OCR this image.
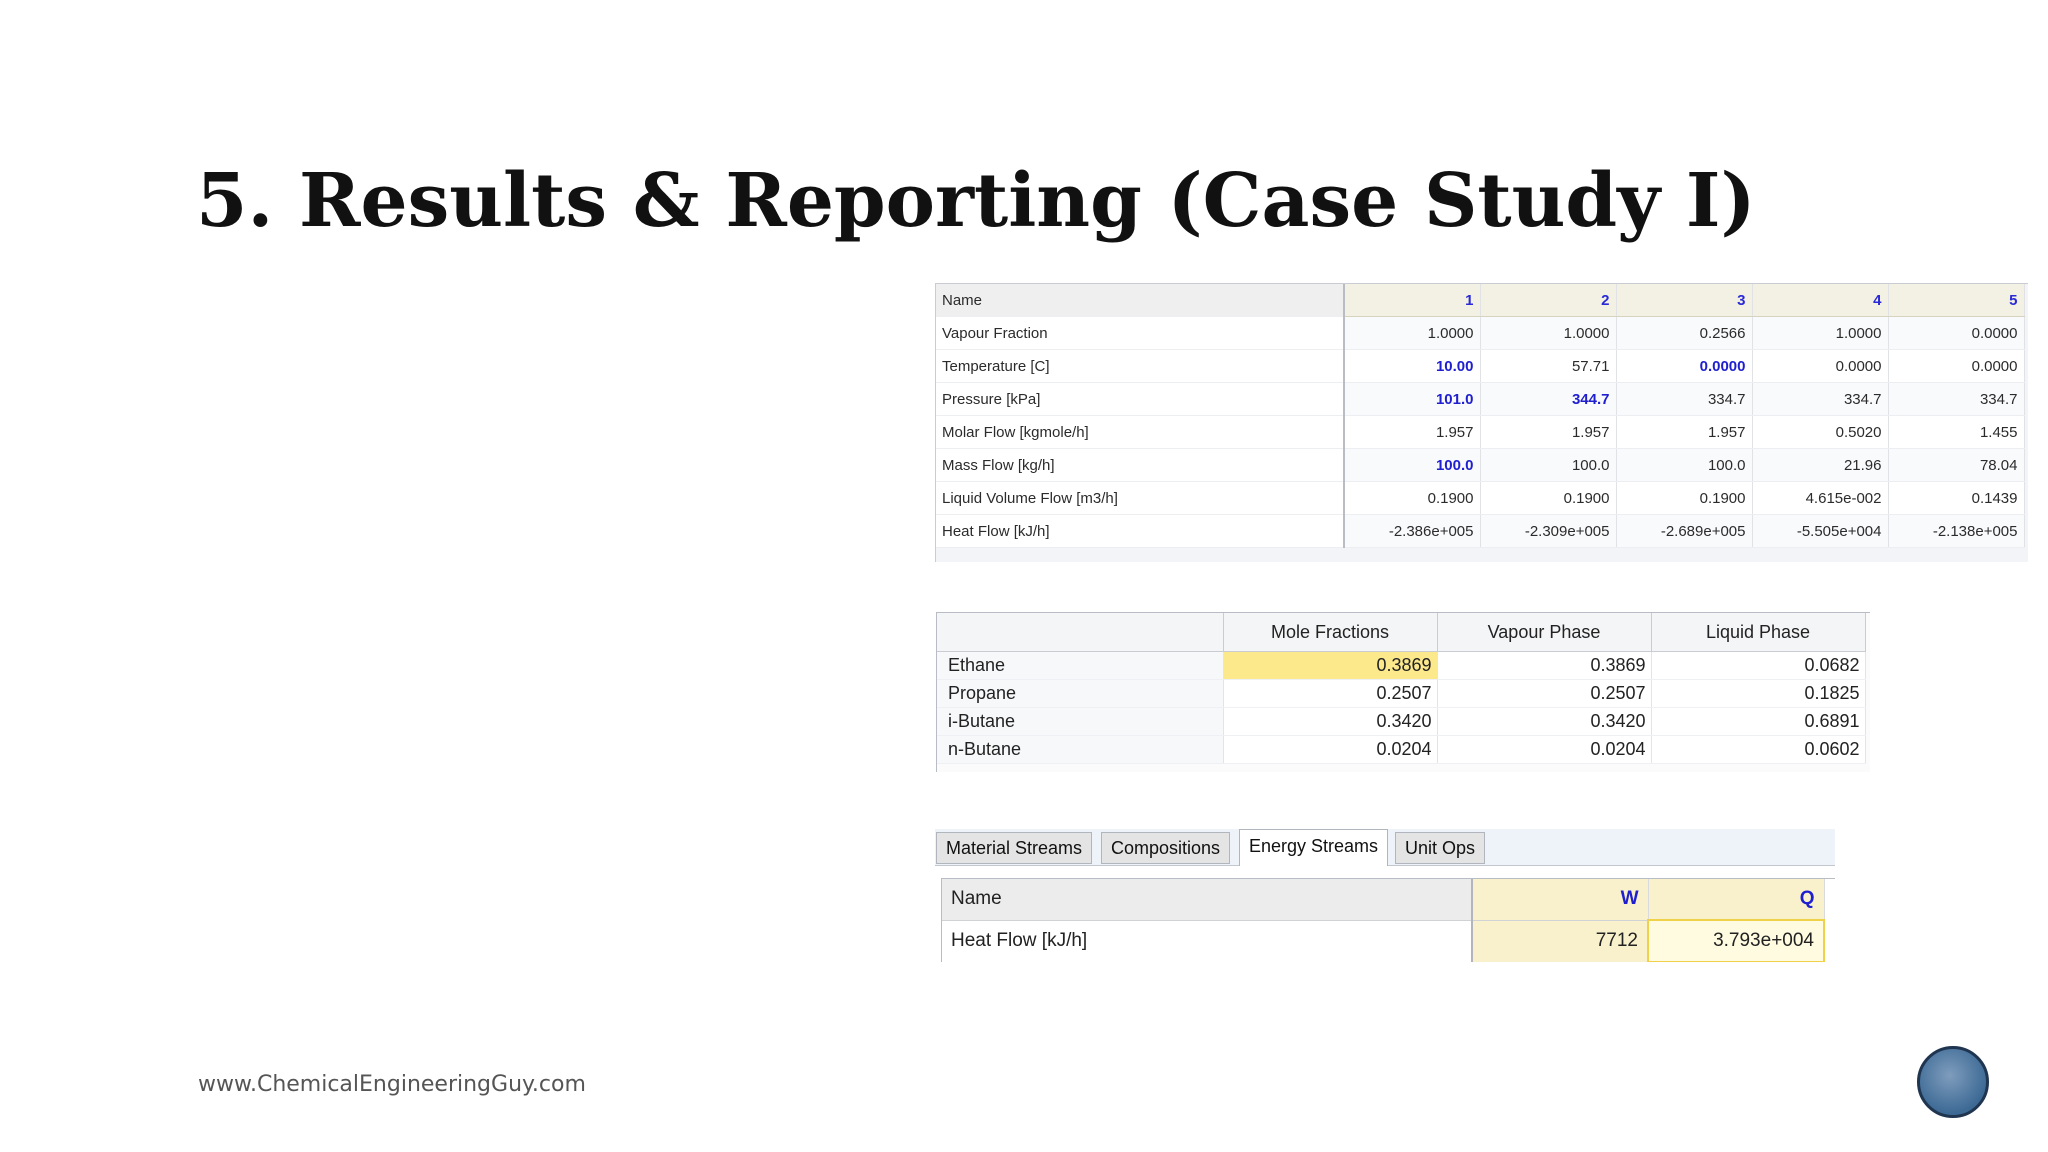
5. Results & Reporting (Case Study I)
Name	1	2	3	4	5
Vapour Fraction	1.0000	1.0000	0.2566	1.0000	0.0000
Temperature [C]	10.00	57.71	0.0000	0.0000	0.0000
Pressure [kPa]	101.0	344.7	334.7	334.7	334.7
Molar Flow [kgmole/h]	1.957	1.957	1.957	0.5020	1.455
Mass Flow [kg/h]	100.0	100.0	100.0	21.96	78.04
Liquid Volume Flow [m3/h]	0.1900	0.1900	0.1900	4.615e-002	0.1439
Heat Flow [kJ/h]	-2.386e+005	-2.309e+005	-2.689e+005	-5.505e+004	-2.138e+005
	Mole Fractions	Vapour Phase	Liquid Phase
Ethane	0.3869	0.3869	0.0682
Propane	0.2507	0.2507	0.1825
i-Butane	0.3420	0.3420	0.6891
n-Butane	0.0204	0.0204	0.0602
Material Streams	Compositions	Energy Streams	Unit Ops
Name	W	Q
Heat Flow [kJ/h]	7712	3.793e+004

www.ChemicalEngineeringGuy.com
